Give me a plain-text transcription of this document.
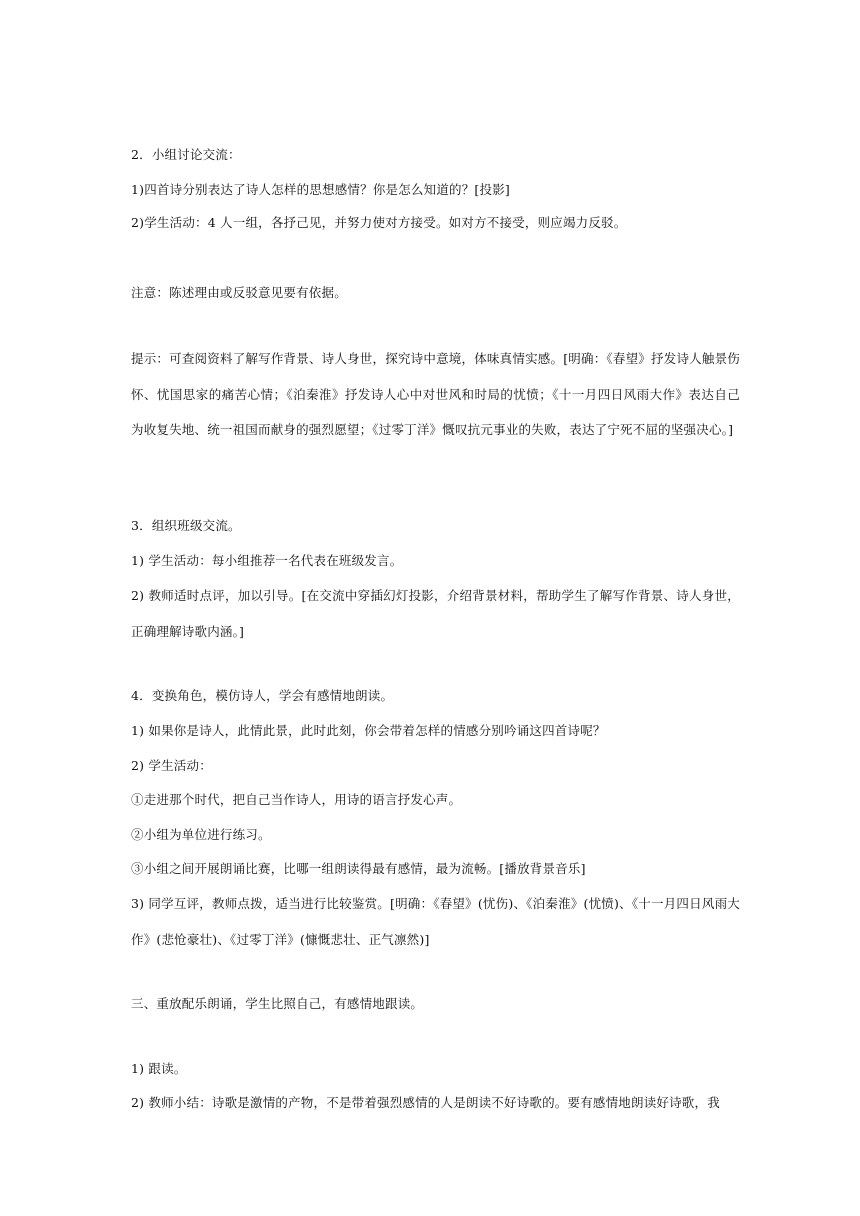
2．小组讨论交流：
1)四首诗分别表达了诗人怎样的思想感情？你是怎么知道的？[投影]
2)学生活动：4 人一组，各抒己见，并努力使对方接受。如对方不接受，则应竭力反驳。
注意：陈述理由或反驳意见要有依据。
提示：可查阅资料了解写作背景、诗人身世，探究诗中意境，体味真情实感。[明确：《春望》抒发诗人触景伤怀、忧国思家的痛苦心情；《泊秦淮》抒发诗人心中对世风和时局的忧愤；《十一月四日风雨大作》表达自己为收复失地、统一祖国而献身的强烈愿望；《过零丁洋》慨叹抗元事业的失败，表达了宁死不屈的坚强决心。]
3．组织班级交流。
1) 学生活动：每小组推荐一名代表在班级发言。
2) 教师适时点评，加以引导。[在交流中穿插幻灯投影，介绍背景材料，帮助学生了解写作背景、诗人身世，正确理解诗歌内涵。]
4．变换角色，模仿诗人，学会有感情地朗读。
1) 如果你是诗人，此情此景，此时此刻，你会带着怎样的情感分别吟诵这四首诗呢？
2) 学生活动：
①走进那个时代，把自己当作诗人，用诗的语言抒发心声。
②小组为单位进行练习。
③小组之间开展朗诵比赛，比哪一组朗读得最有感情，最为流畅。[播放背景音乐]
3) 同学互评，教师点拨，适当进行比较鉴赏。[明确：《春望》(忧伤)、《泊秦淮》(忧愤)、《十一月四日风雨大作》(悲怆豪壮)、《过零丁洋》(慷慨悲壮、正气凛然)]
三、重放配乐朗诵，学生比照自己，有感情地跟读。
1) 跟读。
2) 教师小结：诗歌是激情的产物，不是带着强烈感情的人是朗读不好诗歌的。要有感情地朗读好诗歌，我
